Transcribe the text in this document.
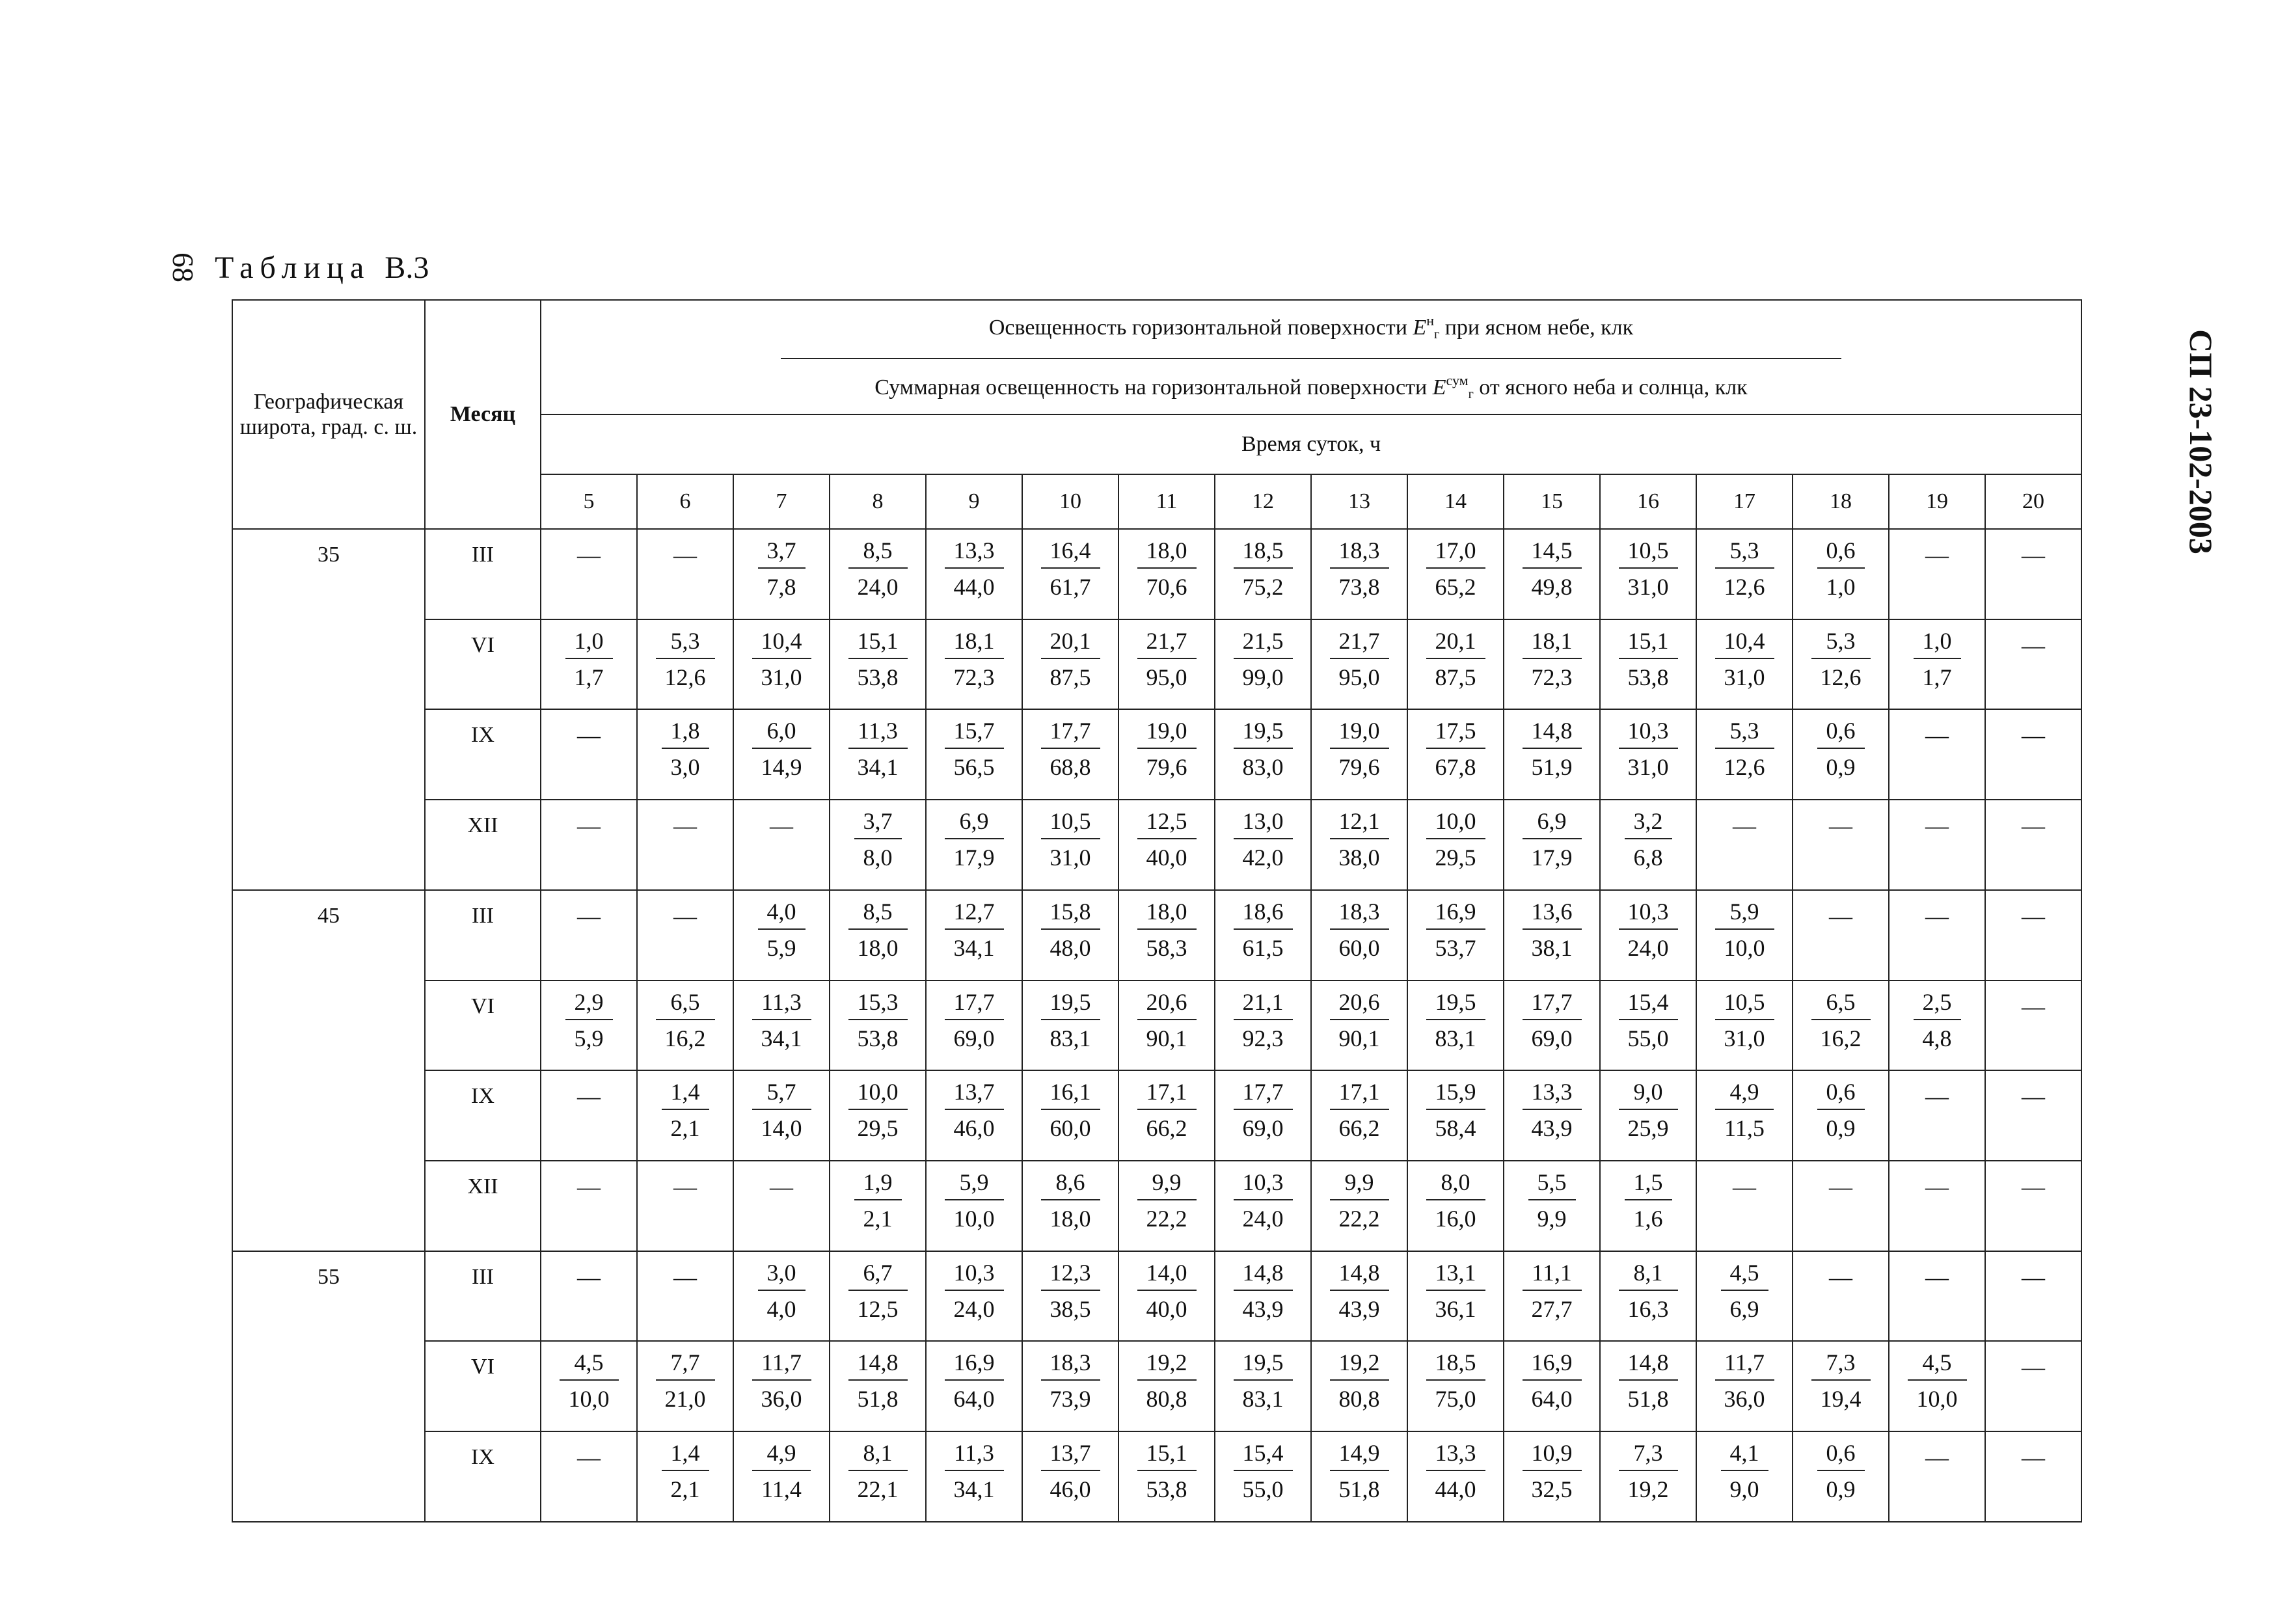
68 Таблица В.3
СП 23-102-2003
Географическая широта, град. с. ш.	Месяц	Освещенность горизонтальной поверхности $E^н_г$ при ясном небе, клк
Суммарная освещенность на горизонтальной поверхности $E^{сум}_г$ от ясного неба и солнца, клк															

		Время суток, ч															
		5	6	7	8	9	10	11	12	13	14	15	16	17	18	19	20
35	III	—	—	$\frac{3,7}{7,8}$	$\frac{8,5}{24,0}$	$\frac{13,3}{44,0}$	$\frac{16,4}{61,7}$	$\frac{18,0}{70,6}$	$\frac{18,5}{75,2}$	$\frac{18,3}{73,8}$	$\frac{17,0}{65,2}$	$\frac{14,5}{49,8}$	$\frac{10,5}{31,0}$	$\frac{5,3}{12,6}$	$\frac{0,6}{1,0}$	—	—
	VI	$\frac{1,0}{1,7}$	$\frac{5,3}{12,6}$	$\frac{10,4}{31,0}$	$\frac{15,1}{53,8}$	$\frac{18,1}{72,3}$	$\frac{20,1}{87,5}$	$\frac{21,7}{95,0}$	$\frac{21,5}{99,0}$	$\frac{21,7}{95,0}$	$\frac{20,1}{87,5}$	$\frac{18,1}{72,3}$	$\frac{15,1}{53,8}$	$\frac{10,4}{31,0}$	$\frac{5,3}{12,6}$	$\frac{1,0}{1,7}$	—
	IX	—	$\frac{1,8}{3,0}$	$\frac{6,0}{14,9}$	$\frac{11,3}{34,1}$	$\frac{15,7}{56,5}$	$\frac{17,7}{68,8}$	$\frac{19,0}{79,6}$	$\frac{19,5}{83,0}$	$\frac{19,0}{79,6}$	$\frac{17,5}{67,8}$	$\frac{14,8}{51,9}$	$\frac{10,3}{31,0}$	$\frac{5,3}{12,6}$	$\frac{0,6}{0,9}$	—	—
	XII	—	—	—	$\frac{3,7}{8,0}$	$\frac{6,9}{17,9}$	$\frac{10,5}{31,0}$	$\frac{12,5}{40,0}$	$\frac{13,0}{42,0}$	$\frac{12,1}{38,0}$	$\frac{10,0}{29,5}$	$\frac{6,9}{17,9}$	$\frac{3,2}{6,8}$	—	—	—	—
45	III	—	—	$\frac{4,0}{5,9}$	$\frac{8,5}{18,0}$	$\frac{12,7}{34,1}$	$\frac{15,8}{48,0}$	$\frac{18,0}{58,3}$	$\frac{18,6}{61,5}$	$\frac{18,3}{60,0}$	$\frac{16,9}{53,7}$	$\frac{13,6}{38,1}$	$\frac{10,3}{24,0}$	$\frac{5,9}{10,0}$	—	—	—
	VI	$\frac{2,9}{5,9}$	$\frac{6,5}{16,2}$	$\frac{11,3}{34,1}$	$\frac{15,3}{53,8}$	$\frac{17,7}{69,0}$	$\frac{19,5}{83,1}$	$\frac{20,6}{90,1}$	$\frac{21,1}{92,3}$	$\frac{20,6}{90,1}$	$\frac{19,5}{83,1}$	$\frac{17,7}{69,0}$	$\frac{15,4}{55,0}$	$\frac{10,5}{31,0}$	$\frac{6,5}{16,2}$	$\frac{2,5}{4,8}$	—
	IX	—	$\frac{1,4}{2,1}$	$\frac{5,7}{14,0}$	$\frac{10,0}{29,5}$	$\frac{13,7}{46,0}$	$\frac{16,1}{60,0}$	$\frac{17,1}{66,2}$	$\frac{17,7}{69,0}$	$\frac{17,1}{66,2}$	$\frac{15,9}{58,4}$	$\frac{13,3}{43,9}$	$\frac{9,0}{25,9}$	$\frac{4,9}{11,5}$	$\frac{0,6}{0,9}$	—	—
	XII	—	—	—	$\frac{1,9}{2,1}$	$\frac{5,9}{10,0}$	$\frac{8,6}{18,0}$	$\frac{9,9}{22,2}$	$\frac{10,3}{24,0}$	$\frac{9,9}{22,2}$	$\frac{8,0}{16,0}$	$\frac{5,5}{9,9}$	$\frac{1,5}{1,6}$	—	—	—	—
55	III	—	—	$\frac{3,0}{4,0}$	$\frac{6,7}{12,5}$	$\frac{10,3}{24,0}$	$\frac{12,3}{38,5}$	$\frac{14,0}{40,0}$	$\frac{14,8}{43,9}$	$\frac{14,8}{43,9}$	$\frac{13,1}{36,1}$	$\frac{11,1}{27,7}$	$\frac{8,1}{16,3}$	$\frac{4,5}{6,9}$	—	—	—
	VI	$\frac{4,5}{10,0}$	$\frac{7,7}{21,0}$	$\frac{11,7}{36,0}$	$\frac{14,8}{51,8}$	$\frac{16,9}{64,0}$	$\frac{18,3}{73,9}$	$\frac{19,2}{80,8}$	$\frac{19,5}{83,1}$	$\frac{19,2}{80,8}$	$\frac{18,5}{75,0}$	$\frac{16,9}{64,0}$	$\frac{14,8}{51,8}$	$\frac{11,7}{36,0}$	$\frac{7,3}{19,4}$	$\frac{4,5}{10,0}$	—
	IX	—	$\frac{1,4}{2,1}$	$\frac{4,9}{11,4}$	$\frac{8,1}{22,1}$	$\frac{11,3}{34,1}$	$\frac{13,7}{46,0}$	$\frac{15,1}{53,8}$	$\frac{15,4}{55,0}$	$\frac{14,9}{51,8}$	$\frac{13,3}{44,0}$	$\frac{10,9}{32,5}$	$\frac{7,3}{19,2}$	$\frac{4,1}{9,0}$	$\frac{0,6}{0,9}$	—	—
